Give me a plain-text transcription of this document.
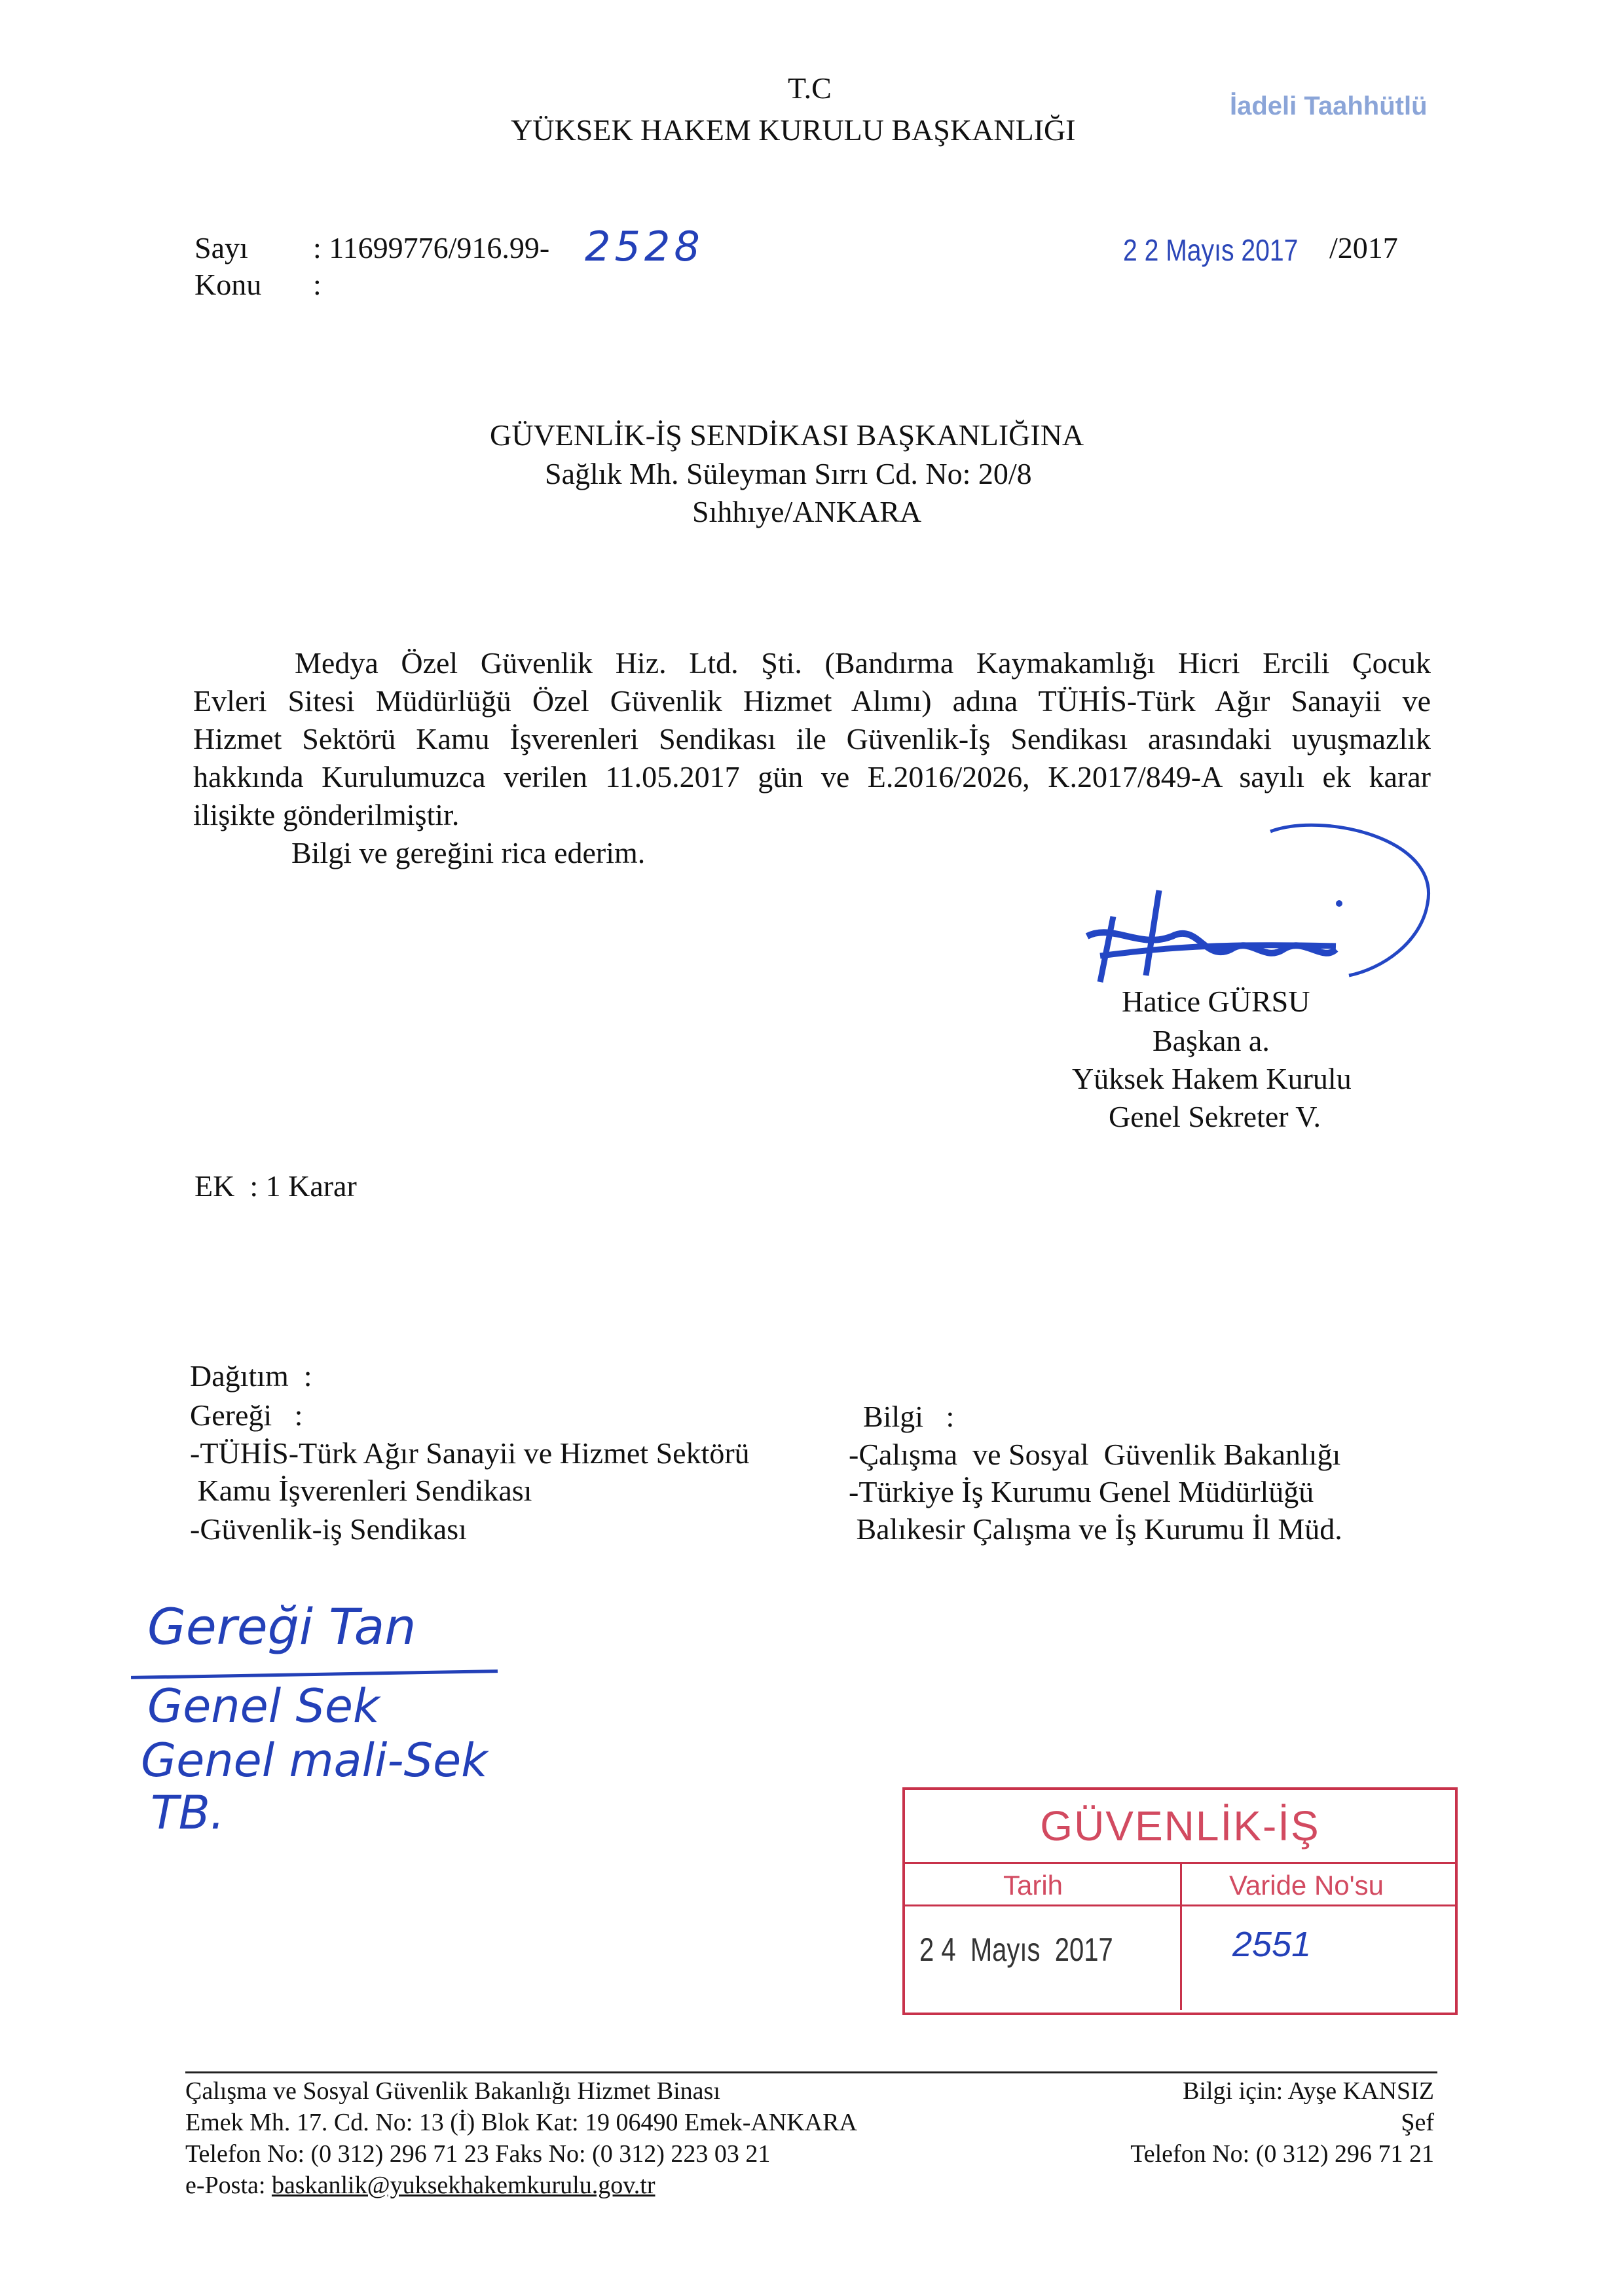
T.C
YÜKSEK HAKEM KURULU BAŞKANLIĞI
İadeli Taahhütlü
Sayı : 11699776/916.99- 2528
Konu :
2 2 Mayıs 2017 /2017
GÜVENLİK-İŞ SENDİKASI BAŞKANLIĞINA
Sağlık Mh. Süleyman Sırrı Cd. No: 20/8
Sıhhıye/ANKARA
Medya Özel Güvenlik Hiz. Ltd. Şti. (Bandırma Kaymakamlığı Hicri Ercili Çocuk
Evleri Sitesi Müdürlüğü Özel Güvenlik Hizmet Alımı) adına TÜHİS-Türk Ağır Sanayii ve
Hizmet Sektörü Kamu İşverenleri Sendikası ile Güvenlik-İş Sendikası arasındaki uyuşmazlık
hakkında Kurulumuzca verilen 11.05.2017 gün ve E.2016/2026, K.2017/849-A sayılı ek karar
ilişikte gönderilmiştir.
Bilgi ve gereğini rica ederim.
Hatice GÜRSU
Başkan a.
Yüksek Hakem Kurulu
Genel Sekreter V.
EK  : 1 Karar
Dağıtım  :
Gereği   :
-TÜHİS-Türk Ağır Sanayii ve Hizmet Sektörü
Kamu İşverenleri Sendikası
-Güvenlik-iş Sendikası
Bilgi   :
-Çalışma  ve Sosyal  Güvenlik Bakanlığı
-Türkiye İş Kurumu Genel Müdürlüğü
Balıkesir Çalışma ve İş Kurumu İl Müd.
Gereği Tan
Genel Sek
Genel mali-Sek
TB.	GÜVENLİK-İŞ
Tarih	Varide No'su
2 4  Mayıs  2017	2551
Çalışma ve Sosyal Güvenlik Bakanlığı Hizmet Binası
Emek Mh. 17. Cd. No: 13 (İ) Blok Kat: 19 06490 Emek-ANKARA
Telefon No: (0 312) 296 71 23 Faks No: (0 312) 223 03 21
e-Posta: baskanlik@yuksekhakemkurulu.gov.tr
Bilgi için: Ayşe KANSIZ
Şef
Telefon No: (0 312) 296 71 21
